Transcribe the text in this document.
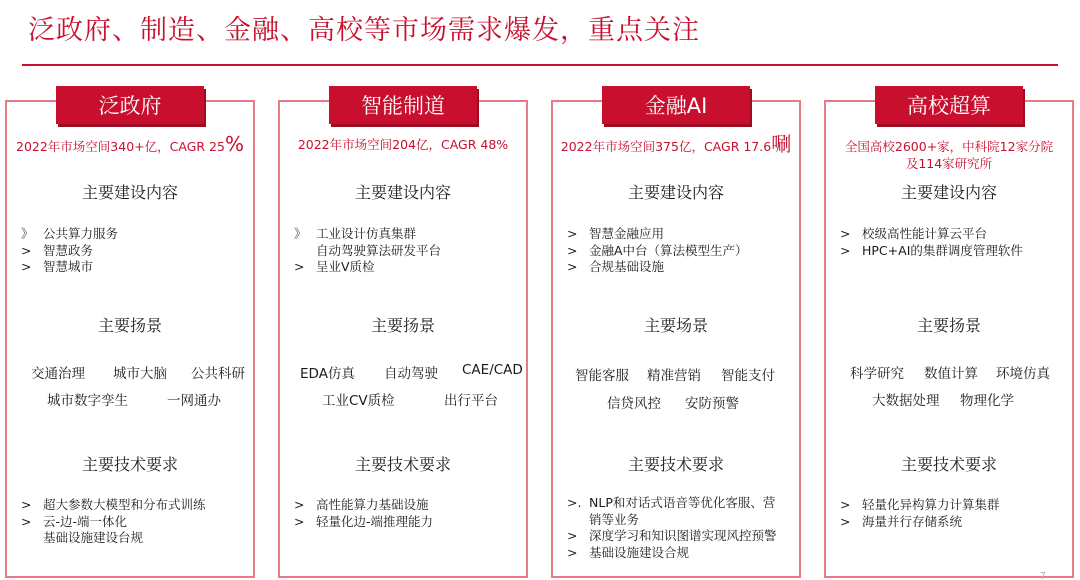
泛政府、制造、金融、高校等市场需求爆发，重点关注
泛政府
2022年市场空间340+亿，CAGR 25%
主要建设内容
》 公共算力服务
> 智慧政务
> 智慧城市
主要扬景
交通治理 城市大脑 公共科研
城市数字孪生	一网通办
主要技术要求
> 超大参数大模型和分布式训练
> 云-边-端一体化
基础设施建设台规
智能制道
2022年市场空间204亿，CAGR 48%
主要建设内容
》 工业设计仿真集群
自动驾驶算法研发平台
> 呈业V质检
主要扬景
EDA仿真 自动驾驶 CAE/CAD
工业CV质检	出行平台
主要技术要求
> 高性能算力基础设施
> 轻量化边-端推理能力
金融AI
2022年市场空间375亿，CAGR 17.6唰
主要建设内容
> 智慧金融应用
> 金融A中台（算法模型生产）
> 合规基础设施
主要场景
智能客服 精准营销 智能支付
信贷风控 安防预警
主要技术要求
>. NLP和对话式语音等优化客服、营
销等业务
> 深度学习和知识图谱实现风控预警
> 基础设施建设合规
高校超算
全国高校2600+家，中科院12家分院
及114家研究所
主要建设内容
> 校级高性能计算云平台
> HPC+AI的集群调度管理软件
主要扬景
科学研究 数值计算 环境仿真
大数据处理 物理化学
主要技术要求
> 轻量化异构算力计算集群
> 海量并行存储系统
7
